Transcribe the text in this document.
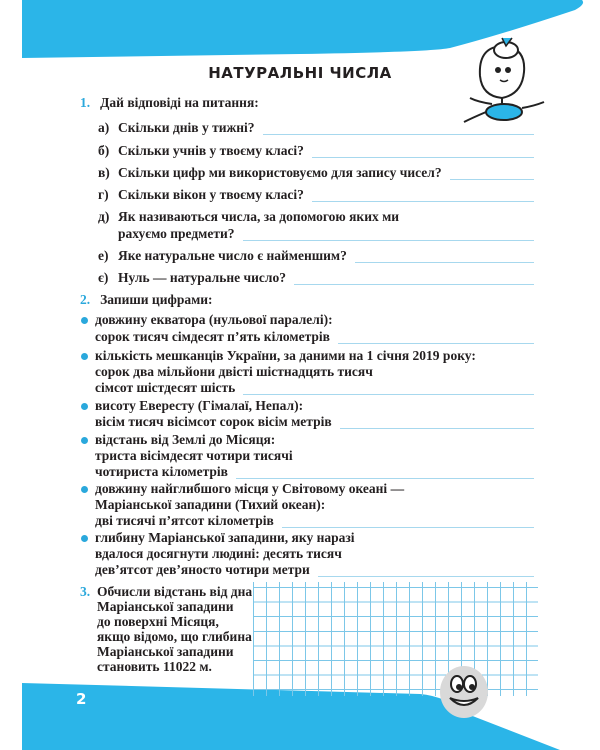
НАТУРАЛЬНІ ЧИСЛА
1. Дай відповіді на питання:
а) Скільки днів у тижні?
б) Скільки учнів у твоєму класі?
в) Скільки цифр ми використовуємо для запису чисел?
г) Скільки вікон у твоєму класі?
д) Як називаються числа, за допомогою яких ми
рахуємо предмети?
е) Яке натуральне число є найменшим?
є) Нуль — натуральне число?
2. Запиши цифрами:
довжину екватора (нульової паралелі):
сорок тисяч сімдесят п’ять кілометрів
кількість мешканців України, за даними на 1 січня 2019 року:
сорок два мільйони двісті шістнадцять тисяч
сімсот шістдесят шість
висоту Евересту (Гімалаї, Непал):
вісім тисяч вісімсот сорок вісім метрів
відстань від Землі до Місяця:
триста вісімдесят чотири тисячі
чотириста кілометрів
довжину найглибшого місця у Світовому океані —
Маріанської западини (Тихий океан):
дві тисячі п’ятсот кілометрів
глибину Маріанської западини, яку наразі
вдалося досягнути людині: десять тисяч
дев’ятсот дев’яносто чотири метри
3. Обчисли відстань від дна
Маріанської западини
до поверхні Місяця,
якщо відомо, що глибина
Маріанської западини
становить 11022 м.
2
